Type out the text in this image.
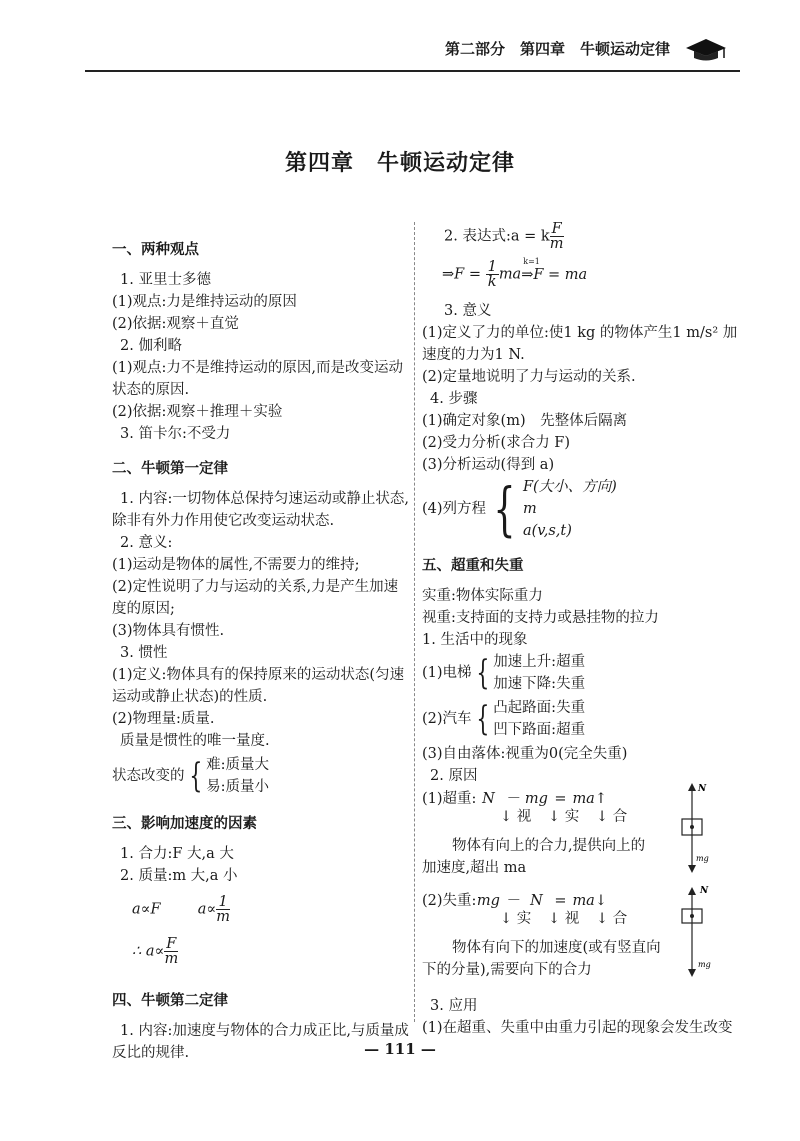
第二部分　第四章　牛顿运动定律
第四章　牛顿运动定律
一、两种观点
1. 亚里士多德
(1)观点:力是维持运动的原因
(2)依据:观察＋直觉
2. 伽利略
(1)观点:力不是维持运动的原因,而是改变运动状态的原因.
(2)依据:观察＋推理＋实验
3. 笛卡尔:不受力
二、牛顿第一定律
1. 内容:一切物体总保持匀速运动或静止状态,除非有外力作用使它改变运动状态.
2. 意义:
(1)运动是物体的属性,不需要力的维持;
(2)定性说明了力与运动的关系,力是产生加速度的原因;
(3)物体具有惯性.
3. 惯性
(1)定义:物体具有的保持原来的运动状态(匀速运动或静止状态)的性质.
(2)物理量:质量.
质量是惯性的唯一量度.
状态改变的 { 难:质量大
易:质量小
三、影响加速度的因素
1. 合力:F 大,a 大
2. 质量:m 大,a 小
a∝F	$a\propto \frac{1}{m}$
∴ $a\propto \frac{F}{m}$
四、牛顿第二定律
1. 内容:加速度与物体的合力成正比,与质量成反比的规律.
2. 表达式:a = k $\frac{F}{m}$
⇒F = $\frac{1}{k}$ ma
k=1
⇒F = ma
3. 意义
(1)定义了力的单位:使1 kg 的物体产生1 m/s² 加速度的力为1 N.
(2)定量地说明了力与运动的关系.
4. 步骤
(1)确定对象(m)　先整体后隔离
(2)受力分析(求合力 F)
(3)分析运动(得到 a)
(4)列方程 { F(大小、方向)
m
a(v,s,t)
五、超重和失重
实重:物体实际重力
视重:支持面的支持力或悬挂物的拉力
1. 生活中的现象
(1)电梯 { 加速上升:超重
加速下降:失重
(2)汽车 { 凸起路面:失重
凹下路面:超重
(3)自由落体:视重为0(完全失重)
2. 原因
(1)超重: N － mg = ma↑
↓ 视 ↓ 实 ↓ 合
物体有向上的合力,提供向上的加速度,超出 ma
(2)失重:mg － N = ma↓
↓ 实 ↓ 视 ↓ 合
物体有向下的加速度(或有竖直向下的分量),需要向下的合力
N
mg
N
mg
3. 应用
(1)在超重、失重中由重力引起的现象会发生改变
— 111 —
